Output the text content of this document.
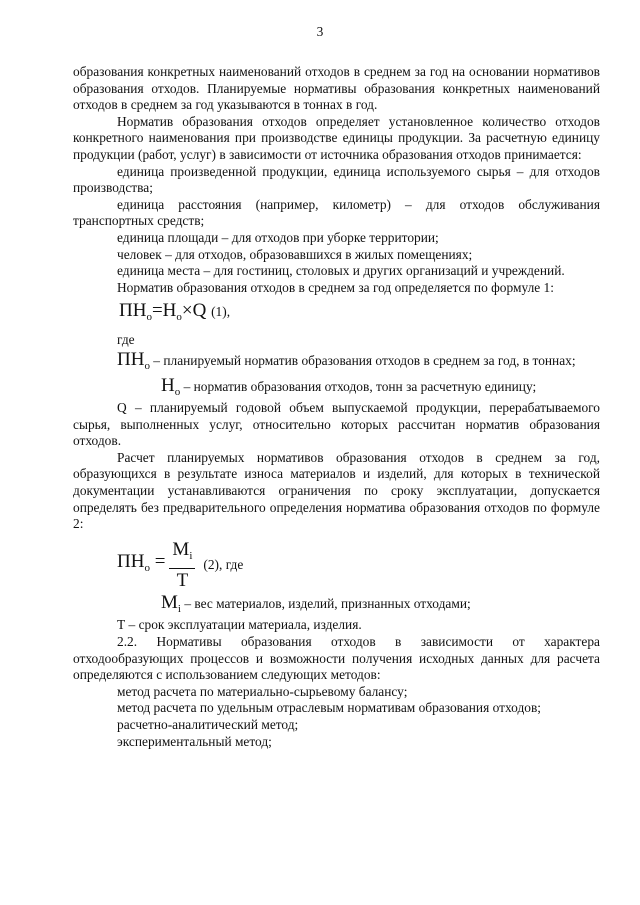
3

образования конкретных наименований отходов в среднем за год на основании нормативов образования отходов. Планируемые нормативы образования конкретных наименований отходов в среднем за год указываются в тоннах в год.

Норматив образования отходов определяет установленное количество отходов конкретного наименования при производстве единицы продукции. За расчетную единицу продукции (работ, услуг) в зависимости от источника образования отходов принимается:

единица произведенной продукции, единица используемого сырья – для отходов производства;

единица расстояния (например, километр) – для отходов обслуживания транспортных средств;

единица площади – для отходов при уборке территории;

человек – для отходов, образовавшихся в жилых помещениях;

единица места – для гостиниц, столовых и других организаций и учреждений.

Норматив образования отходов в среднем за год определяется по формуле 1:

$ПН_о=Н_о\times Q$ (1),

где

$ПН_о$ – планируемый норматив образования отходов в среднем за год, в тоннах;

$Н_о$ – норматив образования отходов, тонн за расчетную единицу;

Q – планируемый годовой объем выпускаемой продукции, перерабатываемого сырья, выполненных услуг, относительно которых рассчитан норматив образования отходов.

Расчет планируемых нормативов образования отходов в среднем за год, образующихся в результате износа материалов и изделий, для которых в технической документации устанавливаются ограничения по сроку эксплуатации, допускается определять без предварительного определения норматива образования отходов по формуле 2:

$ПН_о = \frac{М_i}{Т} (2)$, где

$М_i$ – вес материалов, изделий, признанных отходами;

Т – срок эксплуатации материала, изделия.

2.2. Нормативы образования отходов в зависимости от характера отходообразующих процессов и возможности получения исходных данных для расчета определяются с использованием следующих методов:

метод расчета по материально-сырьевому балансу;

метод расчета по удельным отраслевым нормативам образования отходов;

расчетно-аналитический метод;

экспериментальный метод;
